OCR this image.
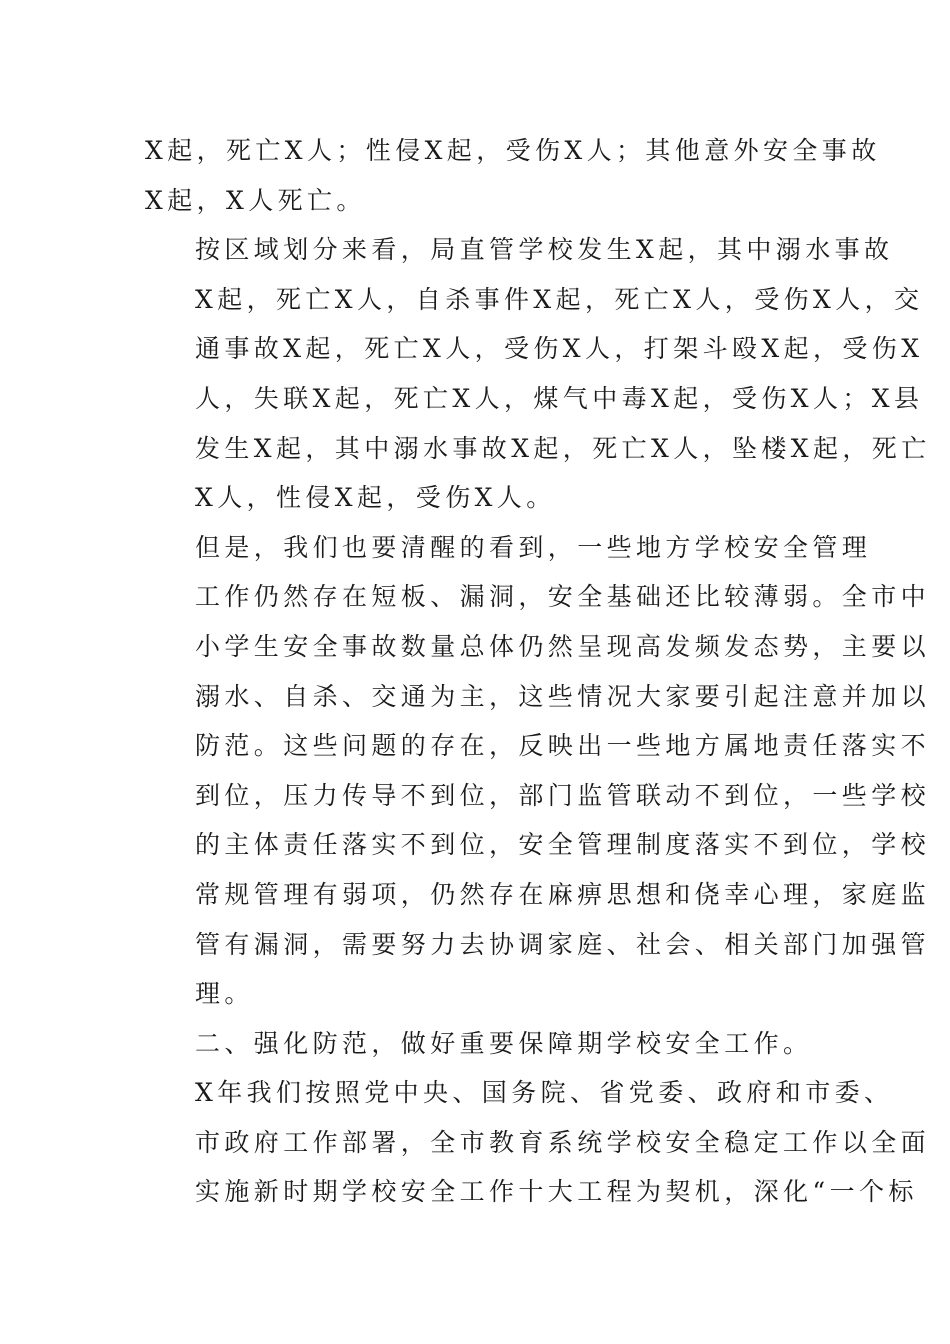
X起，死亡X人；性侵X起，受伤X人；其他意外安全事故
X起，X人死亡。

按区域划分来看，局直管学校发生X起，其中溺水事故
X起，死亡X人，自杀事件X起，死亡X人，受伤X人，交
通事故X起，死亡X人，受伤X人，打架斗殴X起，受伤X
人，失联X起，死亡X人，煤气中毒X起，受伤X人；X县
发生X起，其中溺水事故X起，死亡X人，坠楼X起，死亡
X人，性侵X起，受伤X人。

但是，我们也要清醒的看到，一些地方学校安全管理
工作仍然存在短板、漏洞，安全基础还比较薄弱。全市中
小学生安全事故数量总体仍然呈现高发频发态势，主要以
溺水、自杀、交通为主，这些情况大家要引起注意并加以
防范。这些问题的存在，反映出一些地方属地责任落实不
到位，压力传导不到位，部门监管联动不到位，一些学校
的主体责任落实不到位，安全管理制度落实不到位，学校
常规管理有弱项，仍然存在麻痹思想和侥幸心理，家庭监
管有漏洞，需要努力去协调家庭、社会、相关部门加强管
理。

二、强化防范，做好重要保障期学校安全工作。

X年我们按照党中央、国务院、省党委、政府和市委、
市政府工作部署，全市教育系统学校安全稳定工作以全面
实施新时期学校安全工作十大工程为契机，深化“一个标
